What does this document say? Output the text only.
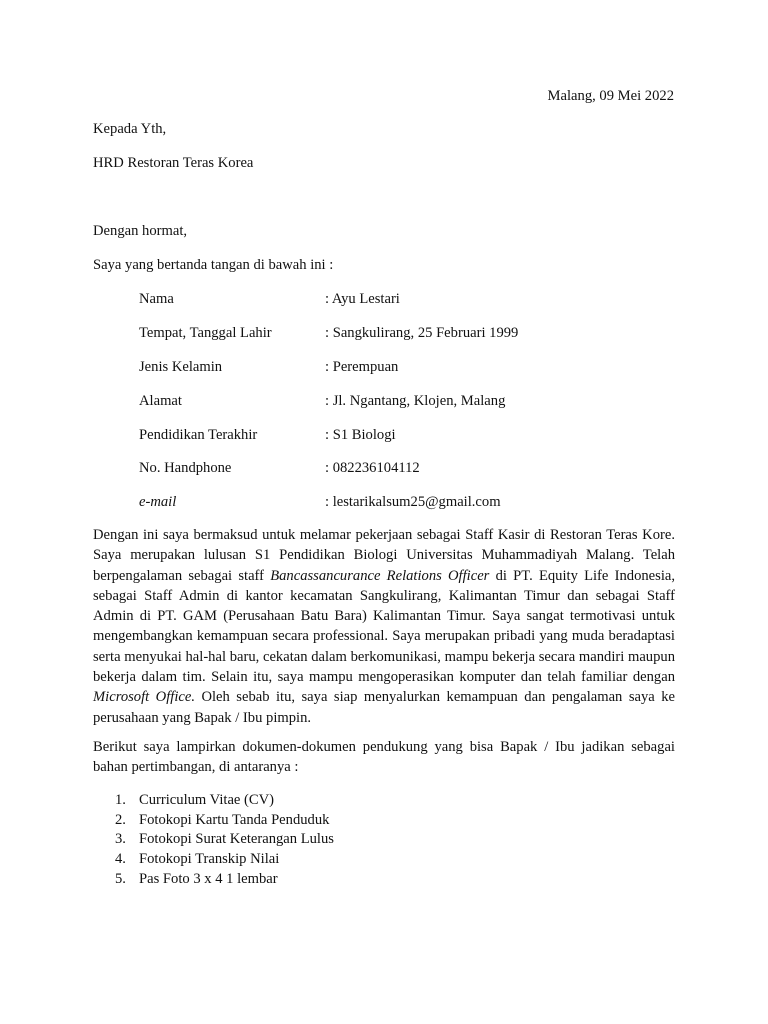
Malang, 09 Mei 2022
Kepada Yth,
HRD Restoran Teras Korea
Dengan hormat,
Saya yang bertanda tangan di bawah ini :
Nama	: Ayu Lestari
Tempat, Tanggal Lahir	: Sangkulirang, 25 Februari 1999
Jenis Kelamin	: Perempuan
Alamat	: Jl. Ngantang, Klojen, Malang
Pendidikan Terakhir	: S1 Biologi
No. Handphone	: 082236104112
e-mail	: lestarikalsum25@gmail.com
Dengan ini saya bermaksud untuk melamar pekerjaan sebagai Staff Kasir di Restoran Teras Kore. Saya merupakan lulusan S1 Pendidikan Biologi Universitas Muhammadiyah Malang. Telah berpengalaman sebagai staff Bancassancurance Relations Officer di PT. Equity Life Indonesia, sebagai Staff Admin di kantor kecamatan Sangkulirang, Kalimantan Timur dan sebagai Staff Admin di PT. GAM (Perusahaan Batu Bara) Kalimantan Timur. Saya sangat termotivasi untuk mengembangkan kemampuan secara professional. Saya merupakan pribadi yang muda beradaptasi serta menyukai hal-hal baru, cekatan dalam berkomunikasi, mampu bekerja secara mandiri maupun bekerja dalam tim. Selain itu, saya mampu mengoperasikan komputer dan telah familiar dengan Microsoft Office. Oleh sebab itu, saya siap menyalurkan kemampuan dan pengalaman saya ke perusahaan yang Bapak / Ibu pimpin.
Berikut saya lampirkan dokumen-dokumen pendukung yang bisa Bapak / Ibu jadikan sebagai bahan pertimbangan, di antaranya :
1. Curriculum Vitae (CV)
2. Fotokopi Kartu Tanda Penduduk
3. Fotokopi Surat Keterangan Lulus
4. Fotokopi Transkip Nilai
5. Pas Foto 3 x 4 1 lembar
